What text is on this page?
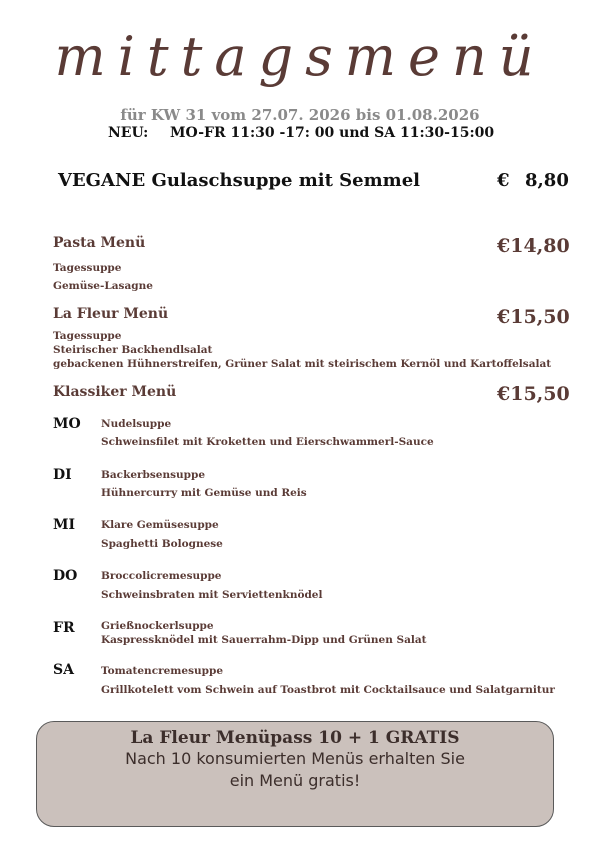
mittagsmenü
für KW 31 vom 27.07. 2026 bis 01.08.2026
NEU: MO-FR 11:30 -17: 00 und SA 11:30-15:00
VEGANE Gulaschsuppe mit Semmel	€ 8,80
Pasta Menü	€14,80
Tagessuppe
Gemüse-Lasagne
La Fleur Menü	€15,50
Tagessuppe
Steirischer Backhendlsalat
gebackenen Hühnerstreifen, Grüner Salat mit steirischem Kernöl und Kartoffelsalat
Klassiker Menü	€15,50
MO Nudelsuppe
Schweinsfilet mit Kroketten und Eierschwammerl-Sauce
DI	Backerbsensuppe
Hühnercurry mit Gemüse und Reis
MI Klare Gemüsesuppe
Spaghetti Bolognese
DO Broccolicremesuppe
Schweinsbraten mit Serviettenknödel
FR	Grießnockerlsuppe
Kaspressknödel mit Sauerrahm-Dipp und Grünen Salat
SA	Tomatencremesuppe
Grillkotelett vom Schwein auf Toastbrot mit Cocktailsauce und Salatgarnitur
La Fleur Menüpass 10 + 1 GRATIS
Nach 10 konsumierten Menüs erhalten Sie
ein Menü gratis!
